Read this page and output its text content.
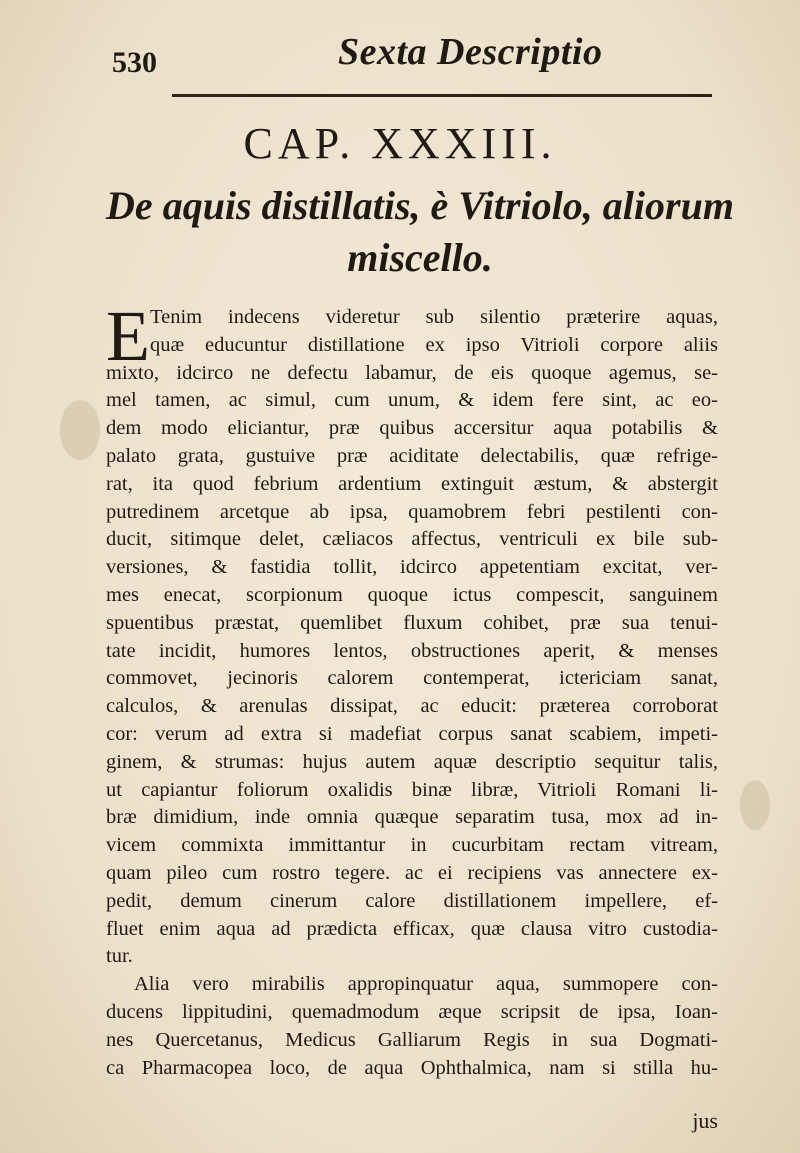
530	Sexta Descriptio
CAP. XXXIII.
De aquis distillatis, è Vitriolo, aliorum
miscello.
E Tenim indecens videretur sub silentio præterire aquas,
quæ educuntur distillatione ex ipso Vitrioli corpore aliis
mixto, idcirco ne defectu labamur, de eis quoque agemus, se-
mel tamen, ac simul, cum unum, & idem fere sint, ac eo-
dem modo eliciantur, præ quibus accersitur aqua potabilis &
palato grata, gustuive præ aciditate delectabilis, quæ refrige-
rat, ita quod febrium ardentium extinguit æstum, & abstergit
putredinem arcetque ab ipsa, quamobrem febri pestilenti con-
ducit, sitimque delet, cæliacos affectus, ventriculi ex bile sub-
versiones, & fastidia tollit, idcirco appetentiam excitat, ver-
mes enecat, scorpionum quoque ictus compescit, sanguinem
spuentibus præstat, quemlibet fluxum cohibet, præ sua tenui-
tate incidit, humores lentos, obstructiones aperit, & menses
commovet, jecinoris calorem contemperat, ictericiam sanat,
calculos, & arenulas dissipat, ac educit: præterea corroborat
cor: verum ad extra si madefiat corpus sanat scabiem, impeti-
ginem, & strumas: hujus autem aquæ descriptio sequitur talis,
ut capiantur foliorum oxalidis binæ libræ, Vitrioli Romani li-
bræ dimidium, inde omnia quæque separatim tusa, mox ad in-
vicem commixta immittantur in cucurbitam rectam vitream,
quam pileo cum rostro tegere. ac ei recipiens vas annectere ex-
pedit, demum cinerum calore distillationem impellere, ef-
fluet enim aqua ad prædicta efficax, quæ clausa vitro custodia-
tur.
Alia vero mirabilis appropinquatur aqua, summopere con-
ducens lippitudini, quemadmodum æque scripsit de ipsa, Ioan-
nes Quercetanus, Medicus Galliarum Regis in sua Dogmati-
ca Pharmacopea loco, de aqua Ophthalmica, nam si stilla hu-
jus
